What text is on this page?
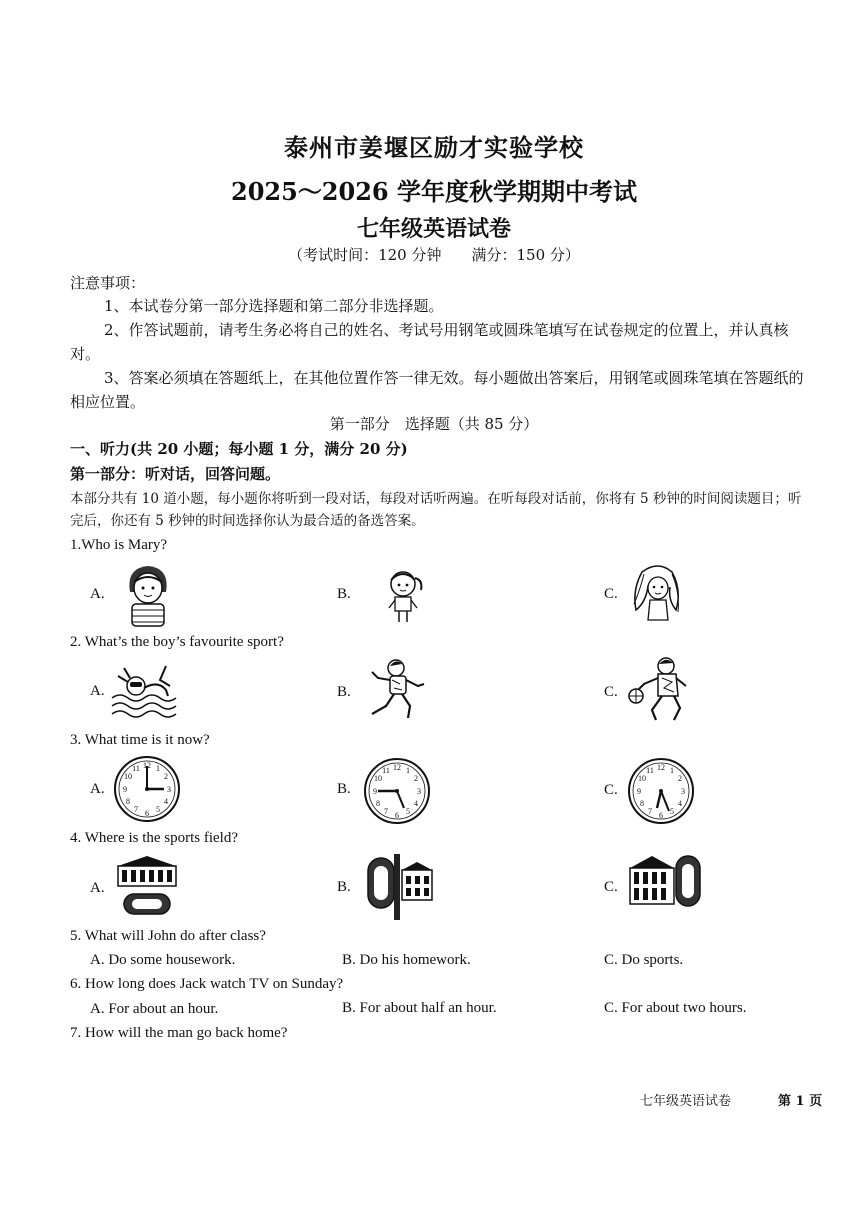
泰州市姜堰区励才实验学校
2025～2026 学年度秋学期期中考试
七年级英语试卷
（考试时间：120 分钟　　满分：150 分）
注意事项：
1、本试卷分第一部分选择题和第二部分非选择题。
2、作答试题前，请考生务必将自己的姓名、考试号用钢笔或圆珠笔填写在试卷规定的位置上，并认真核对。
3、答案必须填在答题纸上，在其他位置作答一律无效。每小题做出答案后，用钢笔或圆珠笔填在答题纸的相应位置。
第一部分　选择题（共 85 分）
一、听力(共 20 小题；每小题 1 分，满分 20 分)
第一部分：听对话，回答问题。
本部分共有 10 道小题，每小题你将听到一段对话，每段对话听两遍。在听每段对话前，你将有 5 秒钟的时间阅读题目；听完后，你还有 5 秒钟的时间选择你认为最合适的备选答案。
1.Who is Mary?
A.	B.	C.
2. What’s the boy’s favourite sport?
A.	B.	C.
3. What time is it now?
A.	B.	C.
12 1
2
3
4
5
6
7
8
9
10
11	12 1
2
3
4
5
6
7
8
9
10
11	12 1
2
3
4
5
6
7
8
9
10
11
4. Where is the sports field?
A.	B.	C.
5. What will John do after class?
A. Do some housework.	B. Do his homework.	C. Do sports.
6. How long does Jack watch TV on Sunday?
A. For about an hour.	B. For about half an hour.	C. For about two hours.
7. How will the man go back home?
七年级英语试卷	第 1 页
